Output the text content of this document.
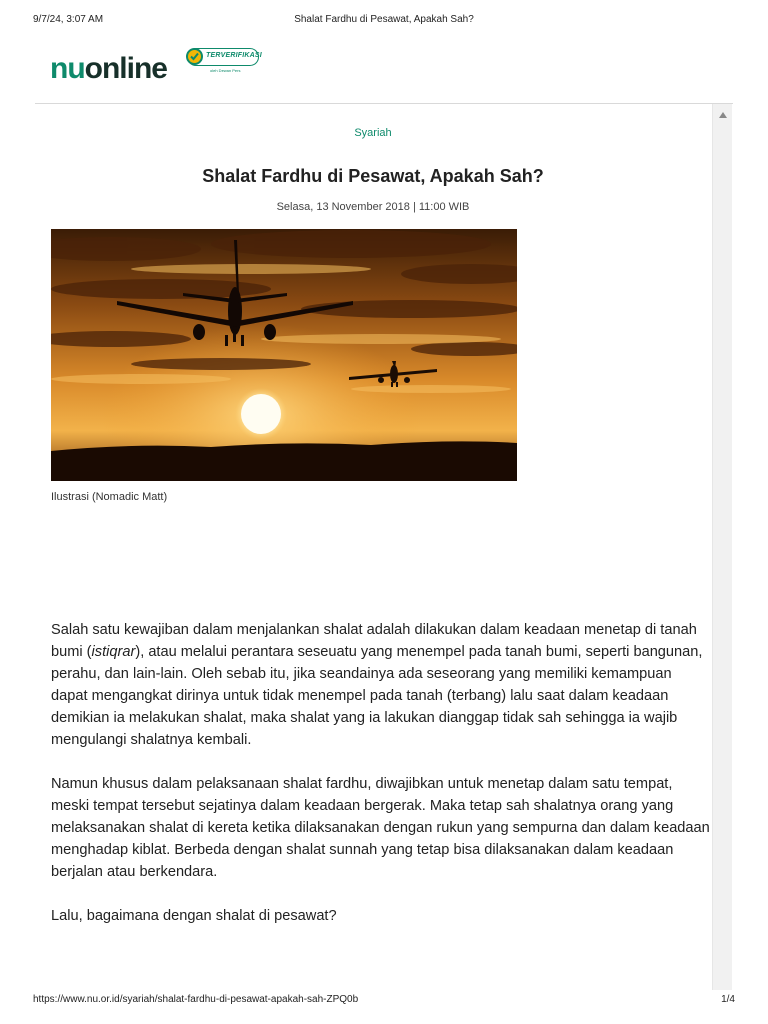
9/7/24, 3:07 AM	Shalat Fardhu di Pesawat, Apakah Sah?
nuonline	TERVERIFIKASI
oleh Dewan Pers
Syariah
Shalat Fardhu di Pesawat, Apakah Sah?
Selasa, 13 November 2018 | 11:00 WIB
Ilustrasi (Nomadic Matt)

Salah satu kewajiban dalam menjalankan shalat adalah dilakukan dalam keadaan menetap di tanah bumi (istiqrar), atau melalui perantara seseuatu yang menempel pada tanah bumi, seperti bangunan, perahu, dan lain-lain. Oleh sebab itu, jika seandainya ada seseorang yang memiliki kemampuan dapat mengangkat dirinya untuk tidak menempel pada tanah (terbang) lalu saat dalam keadaan demikian ia melakukan shalat, maka shalat yang ia lakukan dianggap tidak sah sehingga ia wajib mengulangi shalatnya kembali.

Namun khusus dalam pelaksanaan shalat fardhu, diwajibkan untuk menetap dalam satu tempat, meski tempat tersebut sejatinya dalam keadaan bergerak. Maka tetap sah shalatnya orang yang melaksanakan shalat di kereta ketika dilaksanakan dengan rukun yang sempurna dan dalam keadaan menghadap kiblat. Berbeda dengan shalat sunnah yang tetap bisa dilaksanakan dalam keadaan berjalan atau berkendara.

Lalu, bagaimana dengan shalat di pesawat?

https://www.nu.or.id/syariah/shalat-fardhu-di-pesawat-apakah-sah-ZPQ0b	1/4
